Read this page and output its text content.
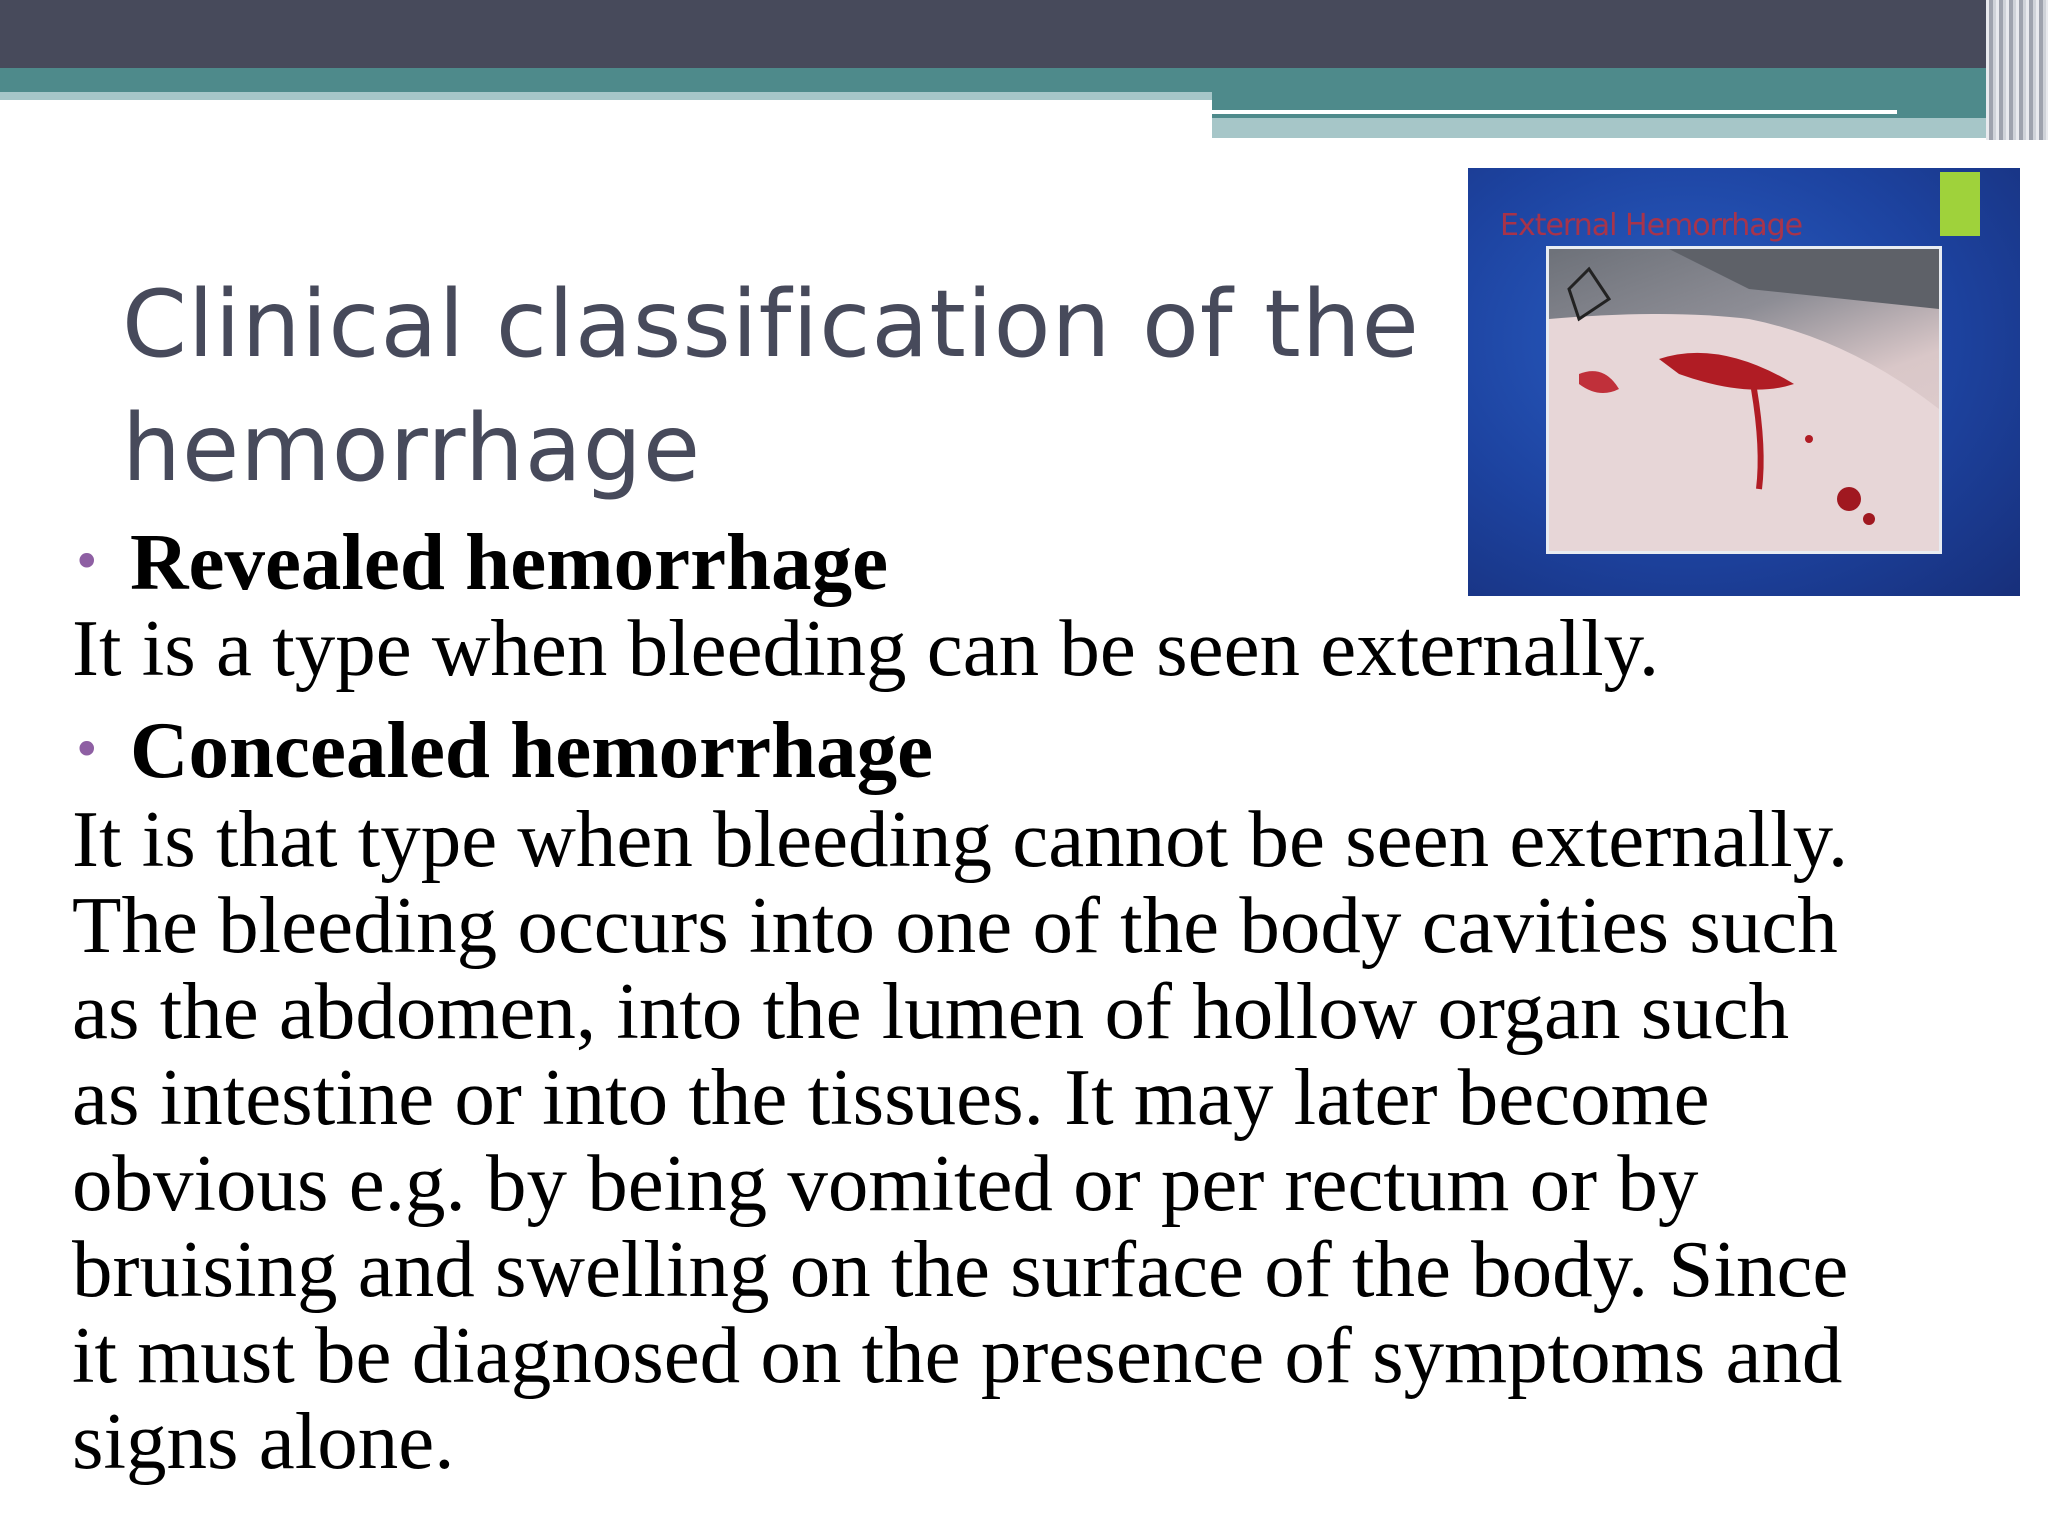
Clinical classification of the
hemorrhage
External Hemorrhage
• Revealed hemorrhage

It is a type when bleeding can be seen externally.

• Concealed hemorrhage

It is that type when bleeding cannot be seen externally.
The bleeding occurs into one of the body cavities such
as the abdomen, into the lumen of hollow organ such
as intestine or into the tissues. It may later become
obvious e.g. by being vomited or per rectum or by
bruising and swelling on the surface of the body. Since
it must be diagnosed on the presence of symptoms and
signs alone.
